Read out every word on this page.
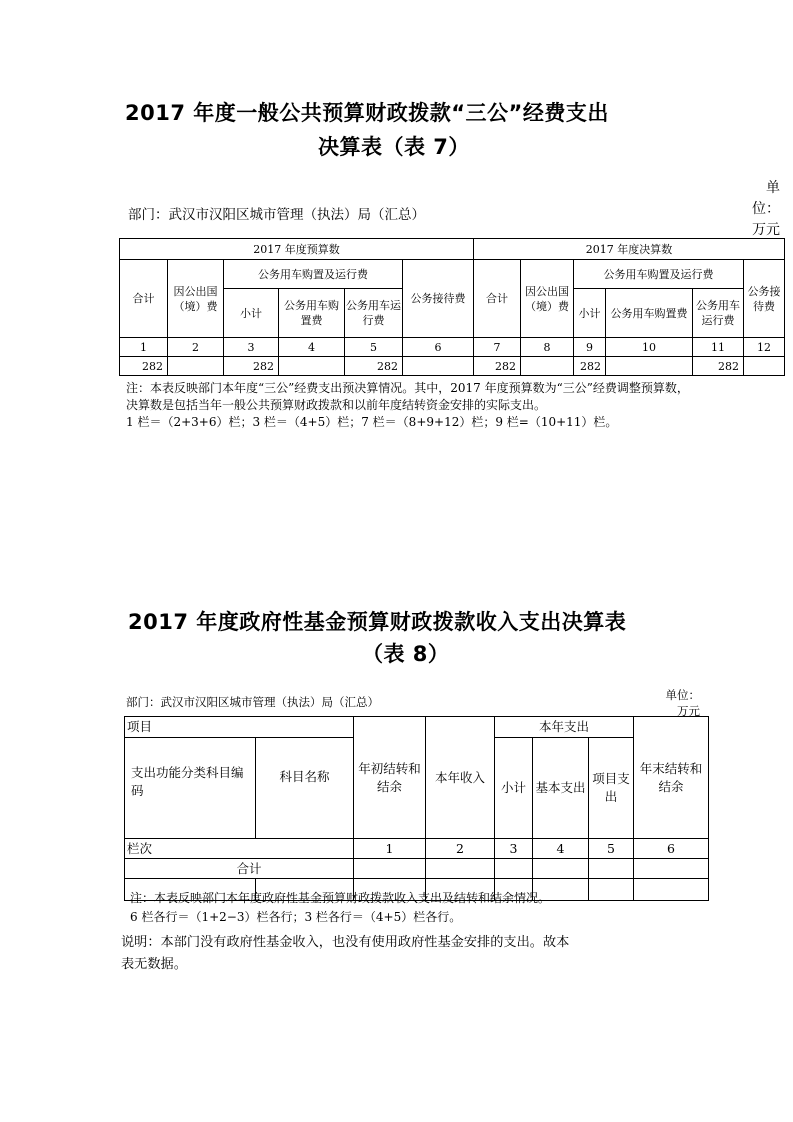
2017 年度一般公共预算财政拨款“三公”经费支出
决算表（表 7）
部门：武汉市汉阳区城市管理（执法）局（汇总）
单
位：
万元
2017 年度预算数						2017 年度决算数					
合计	因公出国（境）费	公务用车购置及运行费			公务接待费	合计	因公出国（境）费	公务用车购置及运行费			公务接待费
		小计	公务用车购置费	公务用车运行费				小计	公务用车购置费	公务用车运行费	
1	2	3	4	5	6	7	8	9	10	11	12
282		282		282		282		282		282	
注：本表反映部门本年度“三公”经费支出预决算情况。其中，2017 年度预算数为“三公”经费调整预算数，
决算数是包括当年一般公共预算财政拨款和以前年度结转资金安排的实际支出。
1 栏＝（2+3+6）栏；3 栏＝（4+5）栏；7 栏＝（8+9+12）栏；9 栏=（10+11）栏。
2017 年度政府性基金预算财政拨款收入支出决算表
（表 8）
部门：武汉市汉阳区城市管理（执法）局（汇总）	单位：
万元
项目		年初结转和结余	本年收入	本年支出			年末结转和结余
支出功能分类科目编码	科目名称			小计	基本支出	项目支出	

栏次		1	2	3	4	5	6
合计							

注：本表反映部门本年度政府性基金预算财政拨款收入支出及结转和结余情况。
6 栏各行＝（1+2−3）栏各行；3 栏各行＝（4+5）栏各行。
说明：本部门没有政府性基金收入，也没有使用政府性基金安排的支出。故本
表无数据。
